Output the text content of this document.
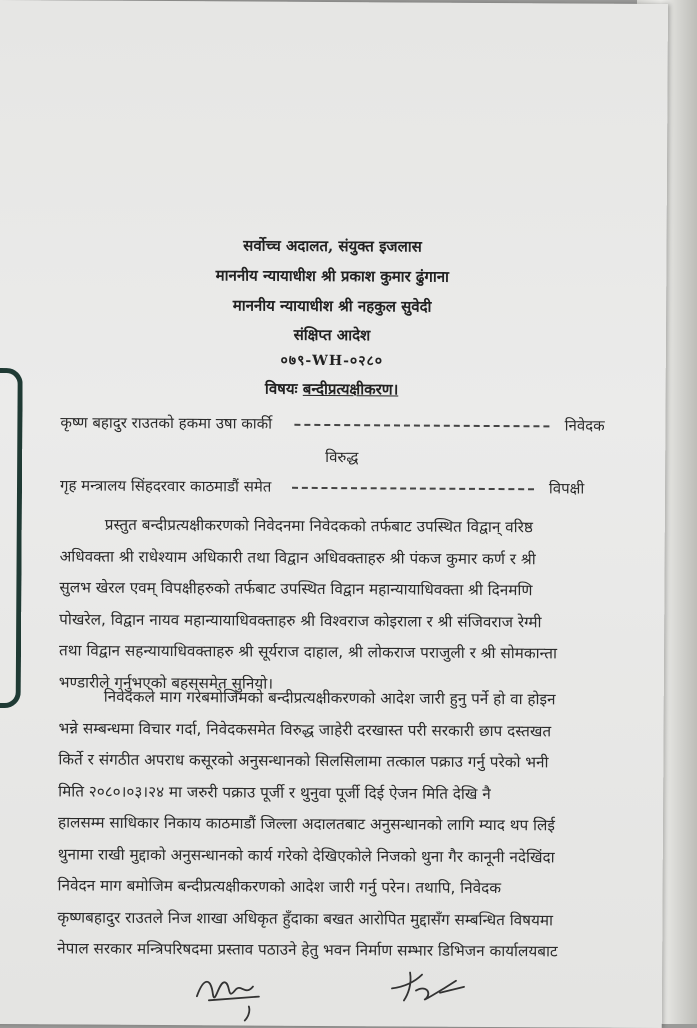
सर्वोच्च अदालत, संयुक्त इजलास
माननीय न्यायाधीश श्री प्रकाश कुमार ढुंगाना
माननीय न्यायाधीश श्री नहकुल सुवेदी
संक्षिप्त आदेश
०७९-WH-०२८०
विषयः बन्दीप्रत्यक्षीकरण।
कृष्ण बहादुर राउतको हकमा उषा कार्की	निवेदक
विरुद्ध
गृह मन्त्रालय सिंहदरवार काठमाडौं समेत	विपक्षी
प्रस्तुत बन्दीप्रत्यक्षीकरणको निवेदनमा निवेदकको तर्फबाट उपस्थित विद्वान् वरिष्ठ
अधिवक्ता श्री राधेश्याम अधिकारी तथा विद्वान अधिवक्ताहरु श्री पंकज कुमार कर्ण र श्री
सुलभ खेरल एवम् विपक्षीहरुको तर्फबाट उपस्थित विद्वान महान्यायाधिवक्ता श्री दिनमणि
पोखरेल, विद्वान नायव महान्यायाधिवक्ताहरु श्री विश्वराज कोइराला र श्री संजिवराज रेग्मी
तथा विद्वान सहन्यायाधिवक्ताहरु श्री सूर्यराज दाहाल, श्री लोकराज पराजुली र श्री सोमकान्ता
भण्डारीले गर्नुभएको बहससमेत सुनियो।
निवेदकले माग गरेबमोजिमको बन्दीप्रत्यक्षीकरणको आदेश जारी हुनु पर्ने हो वा होइन
भन्ने सम्बन्धमा विचार गर्दा, निवेदकसमेत विरुद्ध जाहेरी दरखास्त परी सरकारी छाप दस्तखत
किर्ते र संगठीत अपराध कसूरको अनुसन्धानको सिलसिलामा तत्काल पक्राउ गर्नु परेको भनी
मिति २०८०।०३।२४ मा जरुरी पक्राउ पूर्जी र थुनुवा पूर्जी दिई ऐजन मिति देखि नै
हालसम्म साधिकार निकाय काठमाडौं जिल्ला अदालतबाट अनुसन्धानको लागि म्याद थप लिई
थुनामा राखी मुद्दाको अनुसन्धानको कार्य गरेको देखिएकोले निजको थुना गैर कानूनी नदेखिंदा
निवेदन माग बमोजिम बन्दीप्रत्यक्षीकरणको आदेश जारी गर्नु परेन। तथापि, निवेदक
कृष्णबहादुर राउतले निज शाखा अधिकृत हुँदाका बखत आरोपित मुद्दासँग सम्बन्धित विषयमा
नेपाल सरकार मन्त्रिपरिषदमा प्रस्ताव पठाउने हेतु भवन निर्माण सम्भार डिभिजन कार्यालयबाट
